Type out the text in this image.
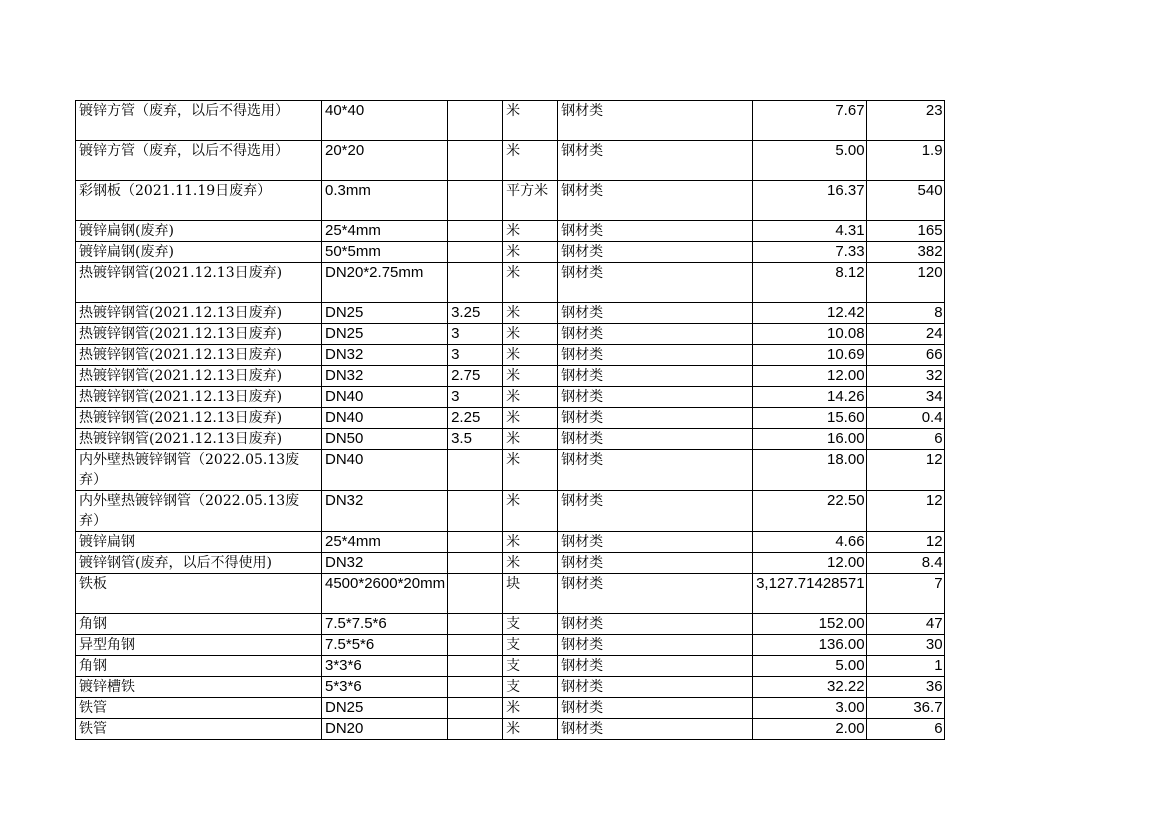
镀锌方管（废弃，以后不得选用）	40*40		米	钢材类	7.67	23
镀锌方管（废弃，以后不得选用）	20*20		米	钢材类	5.00	1.9
彩钢板（2021.11.19日废弃）	0.3mm		平方米	钢材类	16.37	540
镀锌扁钢(废弃)	25*4mm		米	钢材类	4.31	165
镀锌扁钢(废弃)	50*5mm		米	钢材类	7.33	382
热镀锌钢管(2021.12.13日废弃)	DN20*2.75mm		米	钢材类	8.12	120
热镀锌钢管(2021.12.13日废弃)	DN25	3.25	米	钢材类	12.42	8
热镀锌钢管(2021.12.13日废弃)	DN25	3	米	钢材类	10.08	24
热镀锌钢管(2021.12.13日废弃)	DN32	3	米	钢材类	10.69	66
热镀锌钢管(2021.12.13日废弃)	DN32	2.75	米	钢材类	12.00	32
热镀锌钢管(2021.12.13日废弃)	DN40	3	米	钢材类	14.26	34
热镀锌钢管(2021.12.13日废弃)	DN40	2.25	米	钢材类	15.60	0.4
热镀锌钢管(2021.12.13日废弃)	DN50	3.5	米	钢材类	16.00	6
内外壁热镀锌钢管（2022.05.13废弃）	DN40		米	钢材类	18.00	12
内外壁热镀锌钢管（2022.05.13废弃）	DN32		米	钢材类	22.50	12
镀锌扁钢	25*4mm		米	钢材类	4.66	12
镀锌钢管(废弃，以后不得使用)	DN32		米	钢材类	12.00	8.4
铁板	4500*2600*20mm		块	钢材类	3,127.71428571	7
角钢	7.5*7.5*6		支	钢材类	152.00	47
异型角钢	7.5*5*6		支	钢材类	136.00	30
角钢	3*3*6		支	钢材类	5.00	1
镀锌槽铁	5*3*6		支	钢材类	32.22	36
铁管	DN25		米	钢材类	3.00	36.7
铁管	DN20		米	钢材类	2.00	6
